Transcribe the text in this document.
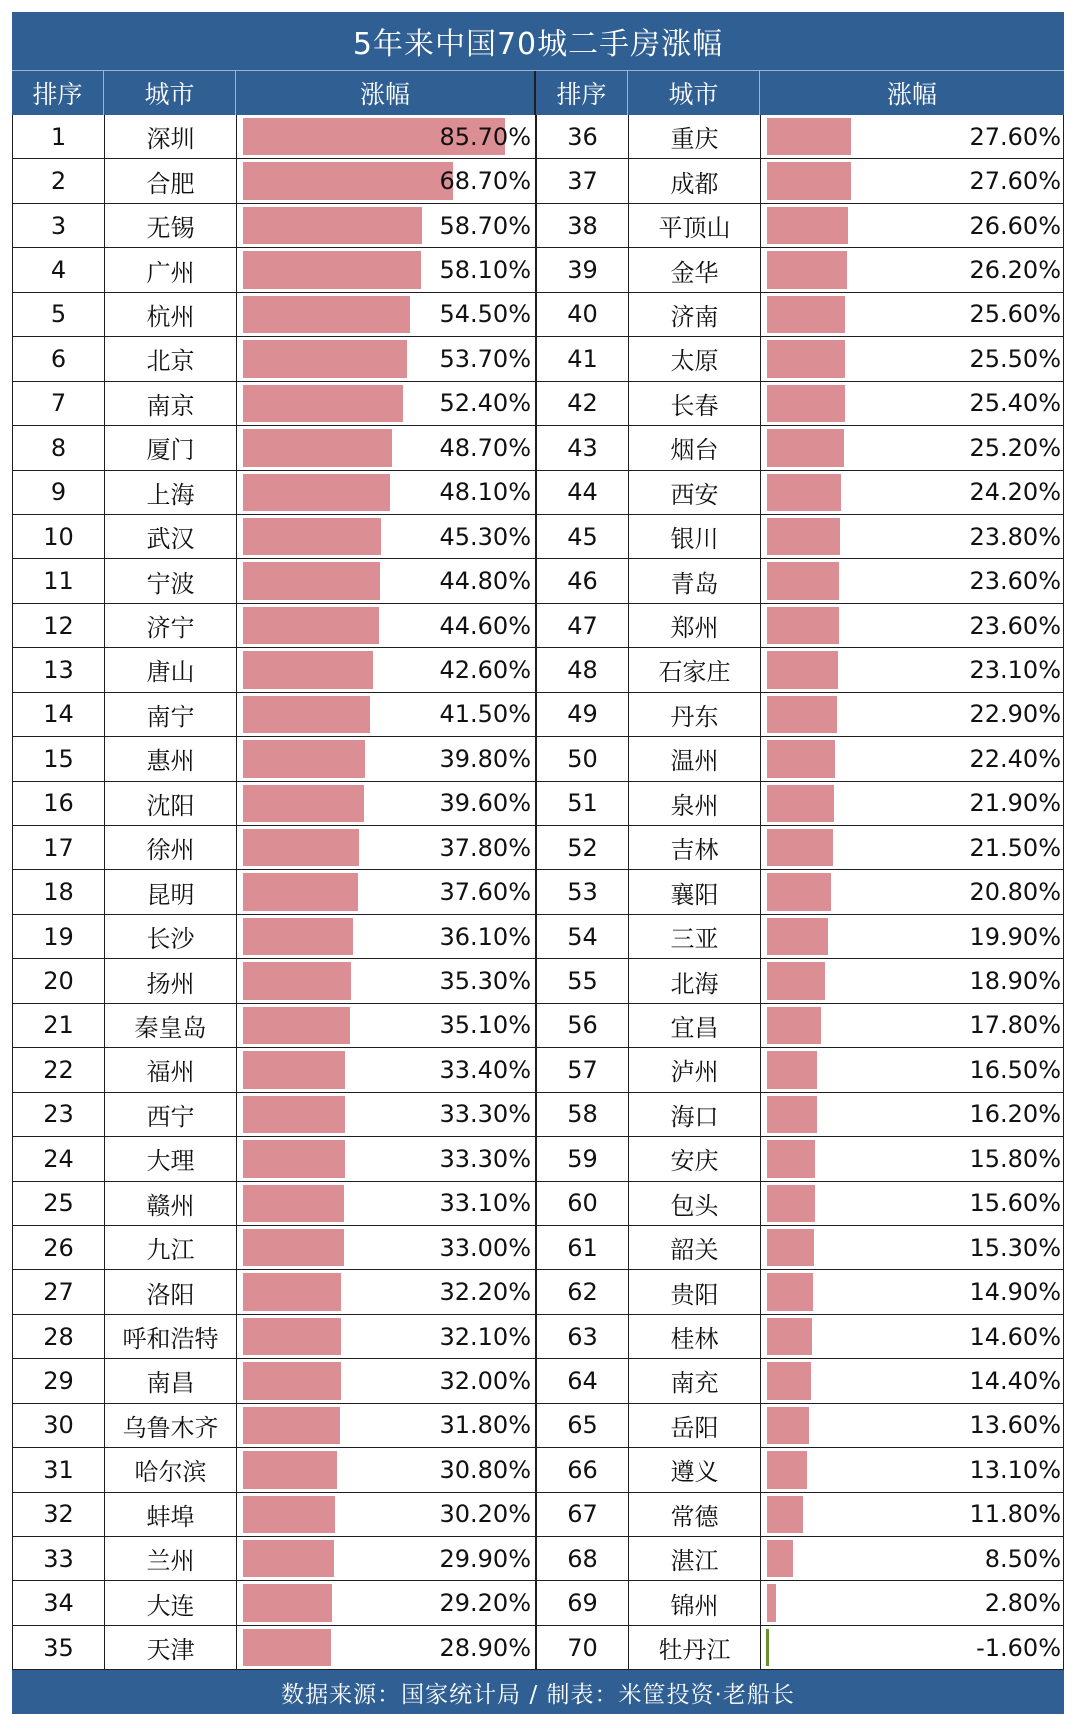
5年来中国70城二手房涨幅
排序	城市	涨幅	排序	城市	涨幅
1	深圳	85.70%	36	重庆	27.60%
2	合肥	68.70%	37	成都	27.60%
3	无锡	58.70%	38	平顶山	26.60%
4	广州	58.10%	39	金华	26.20%
5	杭州	54.50%	40	济南	25.60%
6	北京	53.70%	41	太原	25.50%
7	南京	52.40%	42	长春	25.40%
8	厦门	48.70%	43	烟台	25.20%
9	上海	48.10%	44	西安	24.20%
10	武汉	45.30%	45	银川	23.80%
11	宁波	44.80%	46	青岛	23.60%
12	济宁	44.60%	47	郑州	23.60%
13	唐山	42.60%	48	石家庄	23.10%
14	南宁	41.50%	49	丹东	22.90%
15	惠州	39.80%	50	温州	22.40%
16	沈阳	39.60%	51	泉州	21.90%
17	徐州	37.80%	52	吉林	21.50%
18	昆明	37.60%	53	襄阳	20.80%
19	长沙	36.10%	54	三亚	19.90%
20	扬州	35.30%	55	北海	18.90%
21	秦皇岛	35.10%	56	宜昌	17.80%
22	福州	33.40%	57	泸州	16.50%
23	西宁	33.30%	58	海口	16.20%
24	大理	33.30%	59	安庆	15.80%
25	赣州	33.10%	60	包头	15.60%
26	九江	33.00%	61	韶关	15.30%
27	洛阳	32.20%	62	贵阳	14.90%
28	呼和浩特	32.10%	63	桂林	14.60%
29	南昌	32.00%	64	南充	14.40%
30	乌鲁木齐	31.80%	65	岳阳	13.60%
31	哈尔滨	30.80%	66	遵义	13.10%
32	蚌埠	30.20%	67	常德	11.80%
33	兰州	29.90%	68	湛江	8.50%
34	大连	29.20%	69	锦州	2.80%
35	天津	28.90%	70	牡丹江	-1.60%
数据来源：国家统计局 / 制表：米筐投资·老船长
